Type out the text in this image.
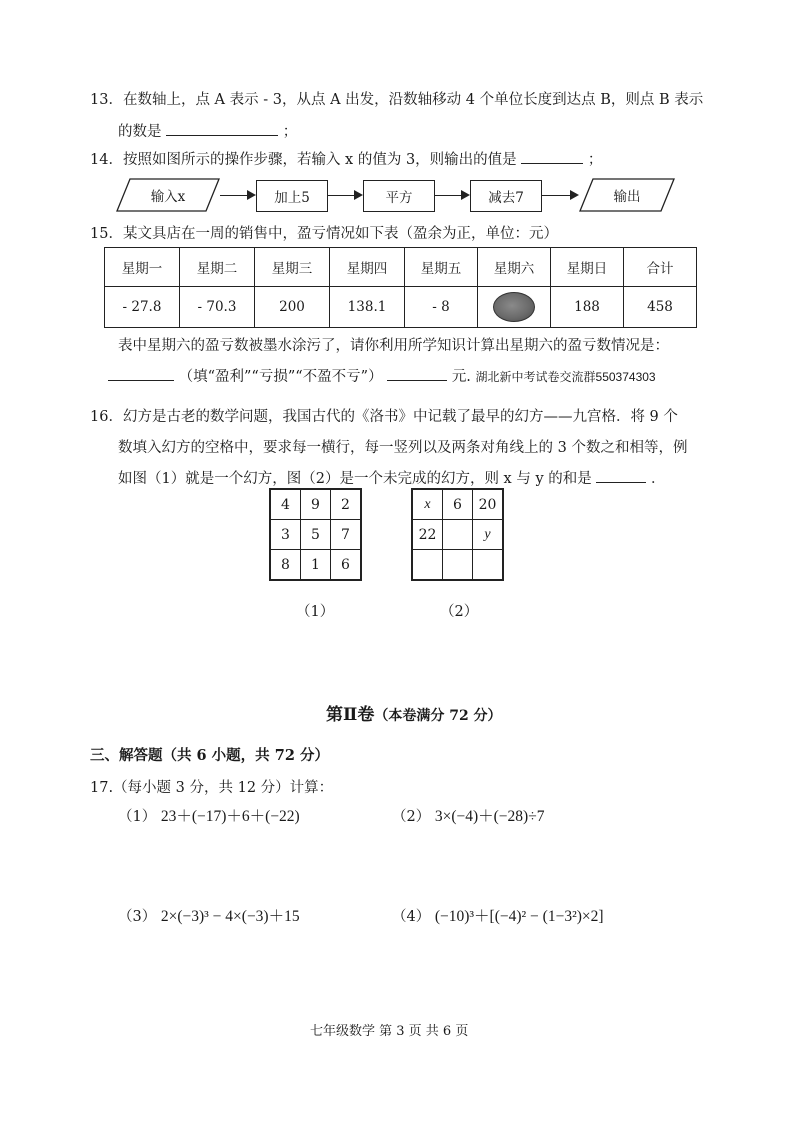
13．在数轴上，点 A 表示 - 3，从点 A 出发，沿数轴移动 4 个单位长度到达点 B，则点 B 表示
的数是	；
14．按照如图所示的操作步骤，若输入 x 的值为 3，则输出的值是	；
输入x	加上5	平方	减去7	输出
15．某文具店在一周的销售中，盈亏情况如下表（盈余为正，单位：元）
星期一	星期二	星期三	星期四	星期五	星期六	星期日	合计
- 27.8	- 70.3	200	138.1	- 8		188	458
表中星期六的盈亏数被墨水涂污了，请你利用所学知识计算出星期六的盈亏数情况是：
（填“盈利”“亏损”“不盈不亏”）	元. 湖北新中考试卷交流群550374303
16．幻方是古老的数学问题，我国古代的《洛书》中记载了最早的幻方——九宫格．将 9 个
数填入幻方的空格中，要求每一横行，每一竖列以及两条对角线上的 3 个数之和相等，例
如图（1）就是一个幻方，图（2）是一个未完成的幻方，则 x 与 y 的和是	．
4	9	2
3	5	7
8	1	6
x	6	20
22		y

（1）	（2）
第Ⅱ卷（本卷满分 72 分）
三、解答题（共 6 小题，共 72 分）
17.（每小题 3 分，共 12 分）计算：
（1） 23＋(−17)＋6＋(−22)	（2） 3×(−4)＋(−28)÷7
（3） 2×(−3)³ − 4×(−3)＋15	（4） (−10)³＋[(−4)² − (1−3²)×2]
七年级数学 第 3 页 共 6 页
